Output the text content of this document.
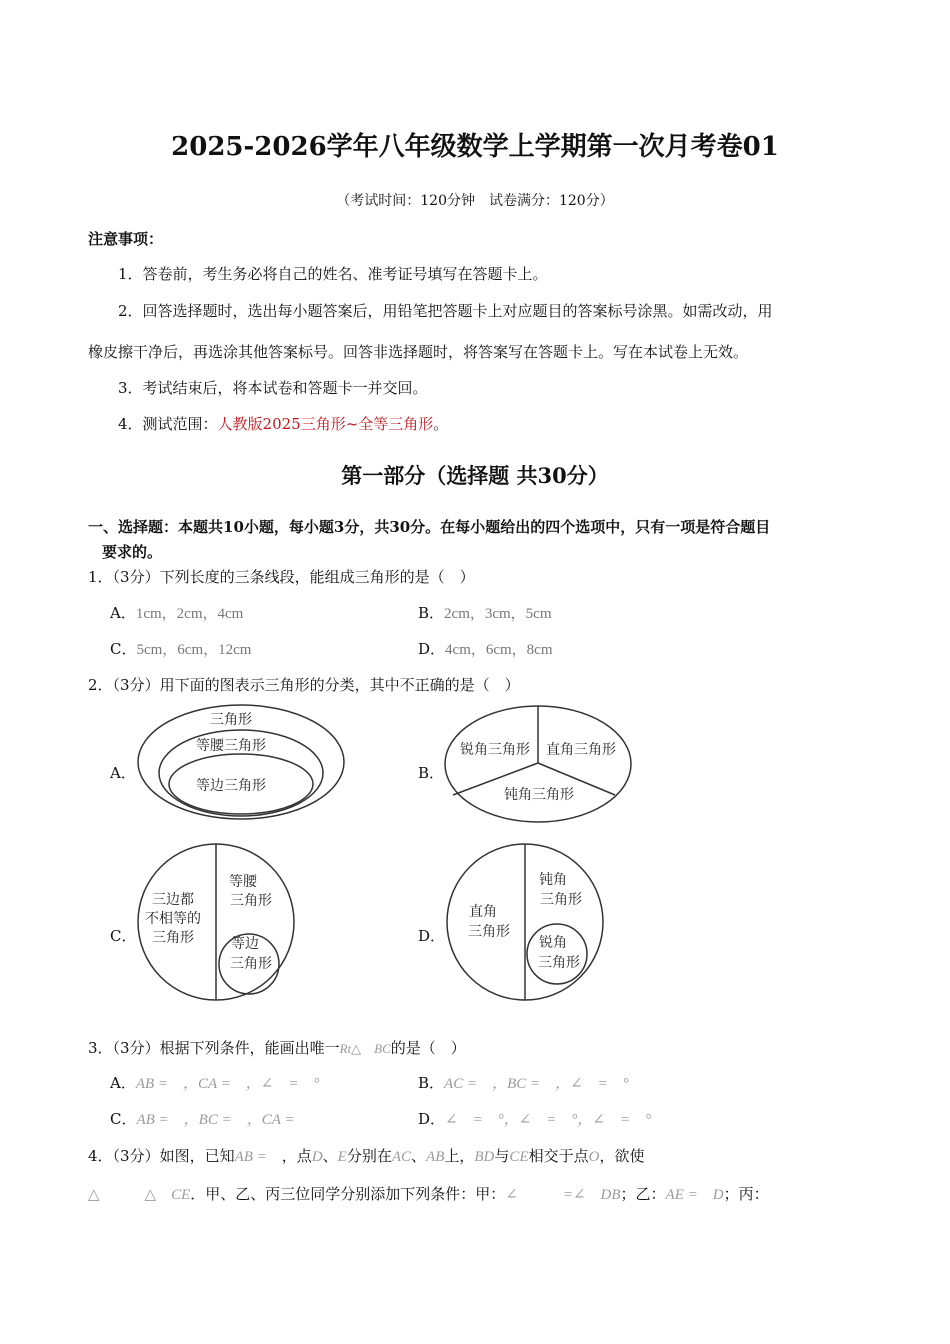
2025-2026学年八年级数学上学期第一次月考卷01
（考试时间：120分钟　试卷满分：120分）
注意事项：
1．答卷前，考生务必将自己的姓名、准考证号填写在答题卡上。
2．回答选择题时，选出每小题答案后，用铅笔把答题卡上对应题目的答案标号涂黑。如需改动，用
橡皮擦干净后，再选涂其他答案标号。回答非选择题时，将答案写在答题卡上。写在本试卷上无效。
3．考试结束后，将本试卷和答题卡一并交回。
4．测试范围：人教版2025三角形~全等三角形。
第一部分（选择题 共30分）
一、选择题：本题共10小题，每小题3分，共30分。在每小题给出的四个选项中，只有一项是符合题目
要求的。
1．（3分）下列长度的三条线段，能组成三角形的是（　）
A．1cm，2cm，4cm	B．2cm，3cm，5cm
C．5cm，6cm，12cm	D．4cm，6cm，8cm
2．（3分）用下面的图表示三角形的分类，其中不正确的是（　）
A．
三角形
等腰三角形
等边三角形
B．
锐角三角形 直角三角形
钝角三角形
C．
三边都
不相等的
三角形
等腰
三角形
等边
三角形
D．
直角
三角形
钝角
三角形
锐角
三角形
3．（3分）根据下列条件，能画出唯一Rt△　BC的是（　）
A．AB =　，CA =　，∠　=　°	B．AC =　，BC =　，∠　=　°
C．AB =　，BC =　，CA =	D．∠　=　°，∠　=　°，∠　=　°
4．（3分）如图，已知AB =　，点D、E分别在AC、AB上，BD与CE相交于点O，欲使
△　　　△　CE．甲、乙、丙三位同学分别添加下列条件：甲：∠　　　=∠　DB；乙：AE =　D；丙：
